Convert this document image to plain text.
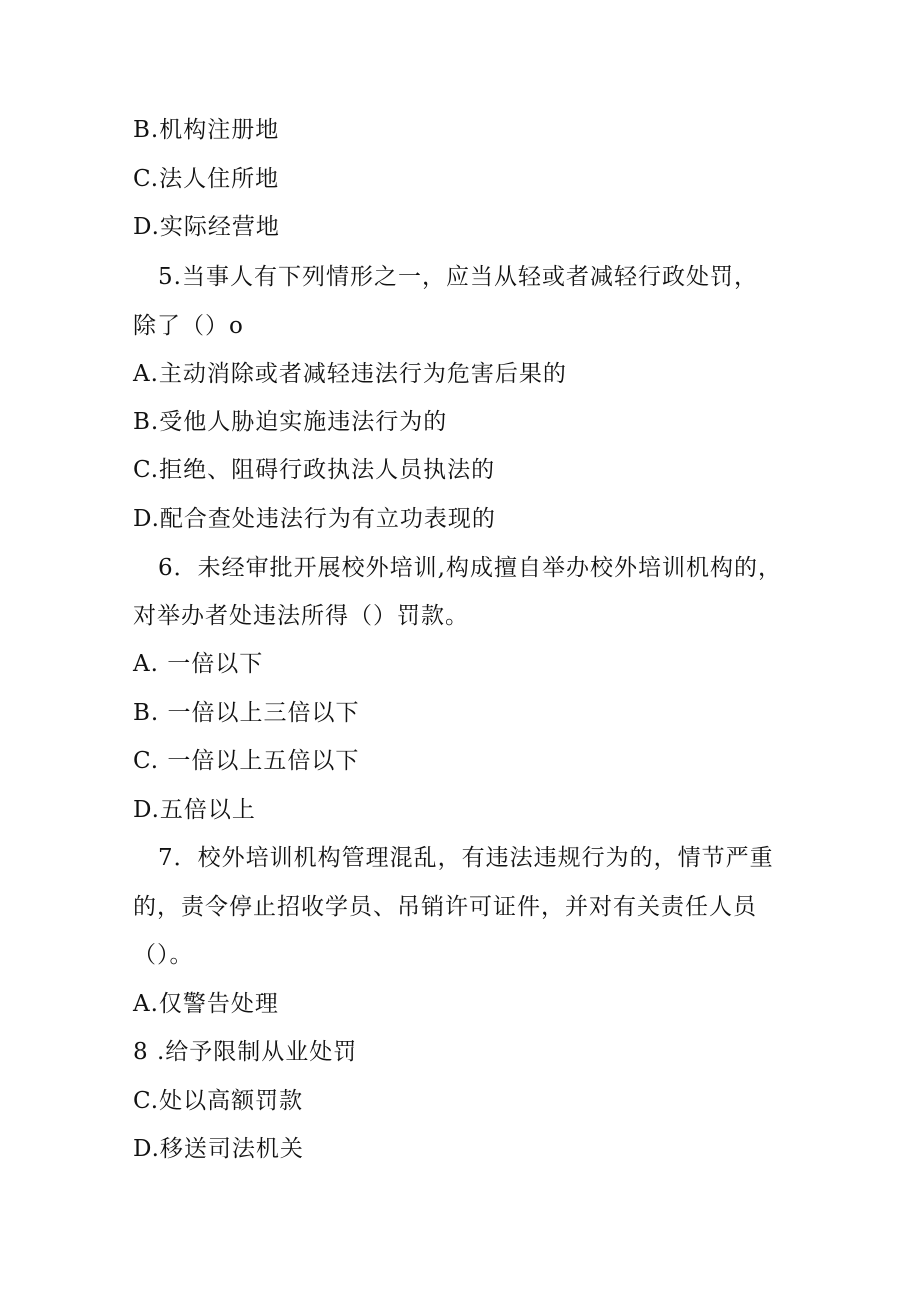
B.机构注册地
C.法人住所地
D.实际经营地
5.当事人有下列情形之一，应当从轻或者减轻行政处罚，
除了（）o
A.主动消除或者减轻违法行为危害后果的
B.受他人胁迫实施违法行为的
C.拒绝、阻碍行政执法人员执法的
D.配合查处违法行为有立功表现的
6．未经审批开展校外培训,构成擅自举办校外培训机构的，
对举办者处违法所得（）罚款。
A. 一倍以下
B. 一倍以上三倍以下
C. 一倍以上五倍以下
D.五倍以上
7．校外培训机构管理混乱，有违法违规行为的，情节严重
的，责令停止招收学员、吊销许可证件，并对有关责任人员
（）。
A.仅警告处理
8 .给予限制从业处罚
C.处以高额罚款
D.移送司法机关
